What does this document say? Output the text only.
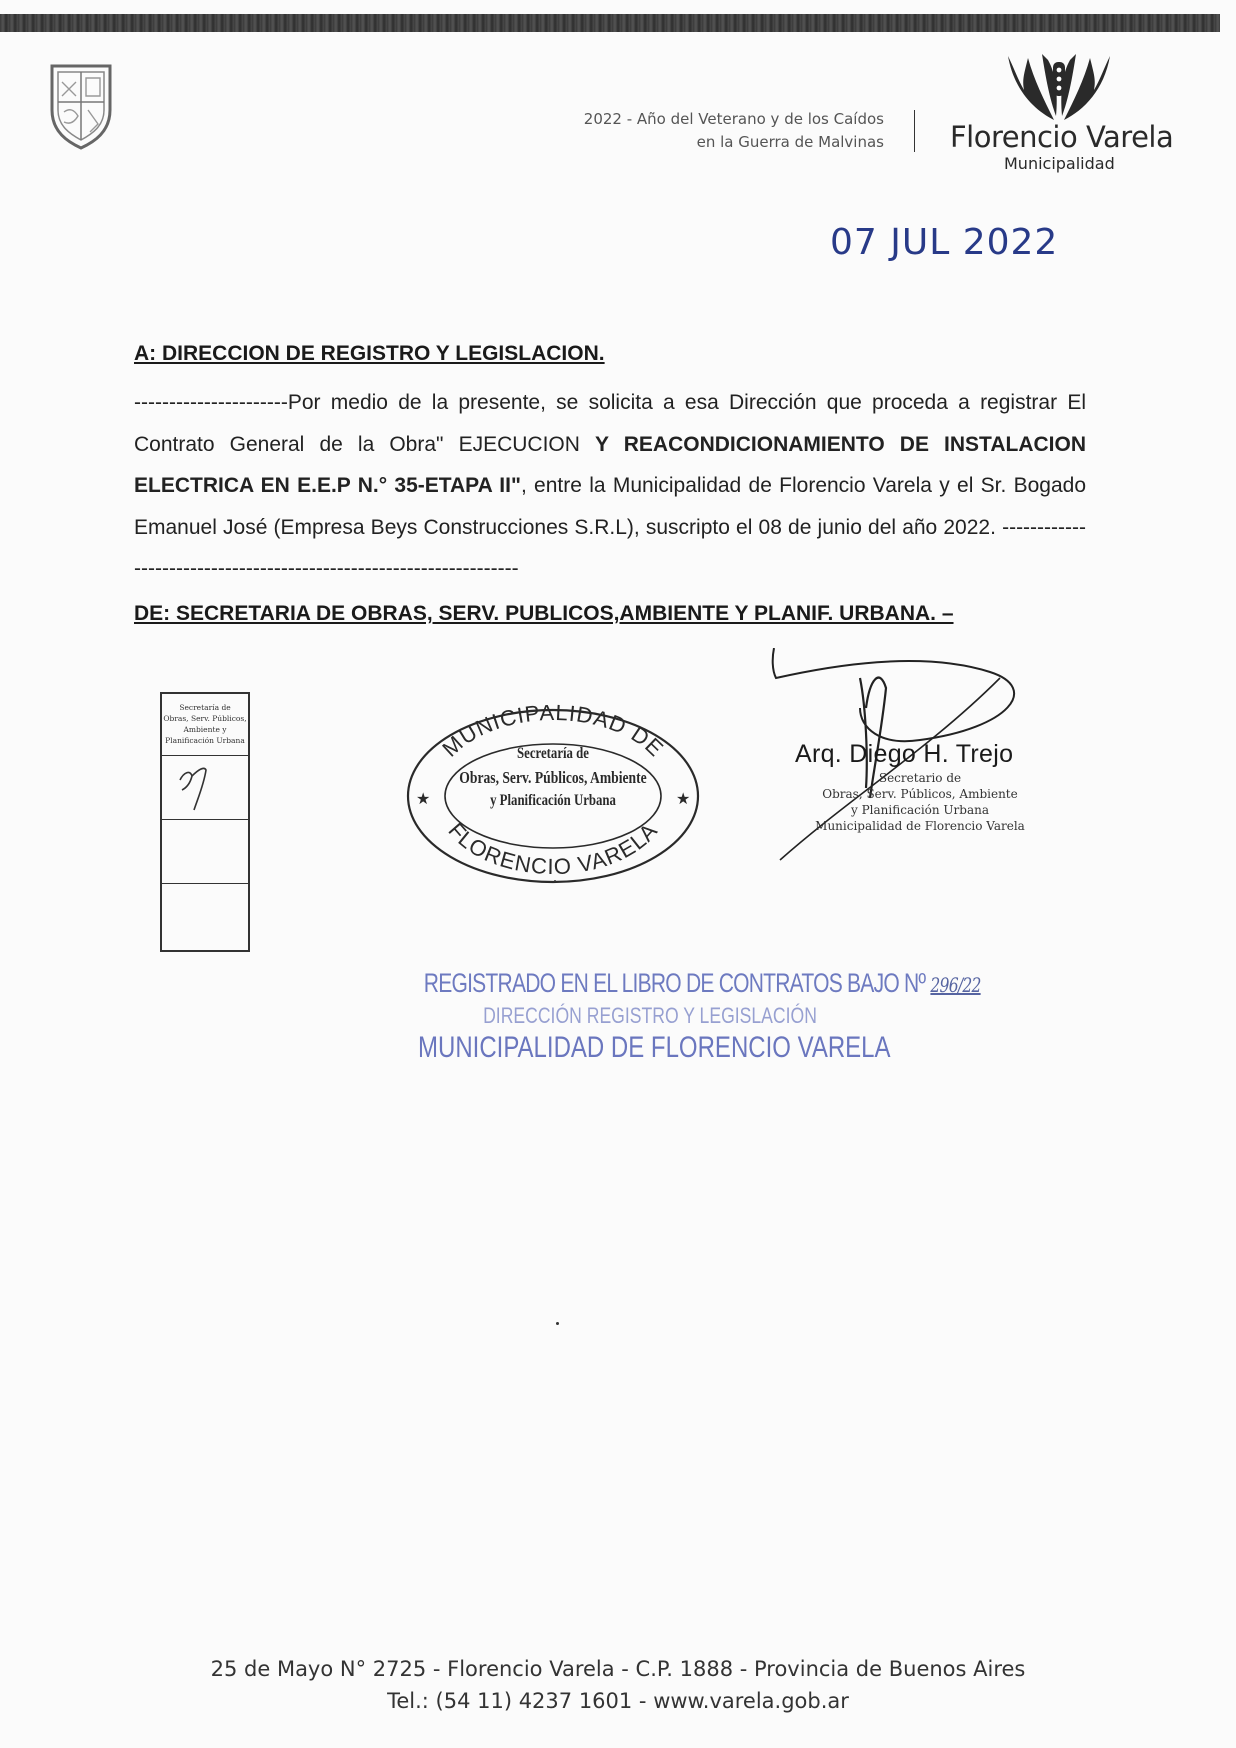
2022 - Año del Veterano y de los Caídos
en la Guerra de Malvinas Florencio Varela
Municipalidad
07 JUL 2022
A: DIRECCION DE REGISTRO Y LEGISLACION.
----------------------Por medio de la presente, se solicita a esa Dirección que proceda a registrar El Contrato General de la Obra" EJECUCION Y REACONDICIONAMIENTO DE INSTALACION ELECTRICA EN E.E.P N.° 35-ETAPA II", entre la Municipalidad de Florencio Varela y el Sr. Bogado Emanuel José (Empresa Beys Construcciones S.R.L), suscripto el 08 de junio del año 2022. -------------------------------------------------------------------
DE: SECRETARIA DE OBRAS, SERV. PUBLICOS,AMBIENTE Y PLANIF. URBANA. –
Secretaría de
Obras, Serv. Públicos,
Ambiente y Planificación Urbana	MUNICIPALIDAD DE
FLORENCIO VARELA
★	★
Secretaría de
Obras, Serv. Públicos, Ambiente
y Planificación Urbana
Arq. Diego H. Trejo
Secretario de
Obras, Serv. Públicos, Ambiente
y Planificación Urbana
Municipalidad de Florencio Varela
REGISTRADO EN EL LIBRO DE CONTRATOS BAJO Nº 296/22
DIRECCIÓN REGISTRO Y LEGISLACIÓN
MUNICIPALIDAD DE FLORENCIO VARELA
25 de Mayo N° 2725 - Florencio Varela - C.P. 1888 - Provincia de Buenos Aires
Tel.: (54 11) 4237 1601 - www.varela.gob.ar
